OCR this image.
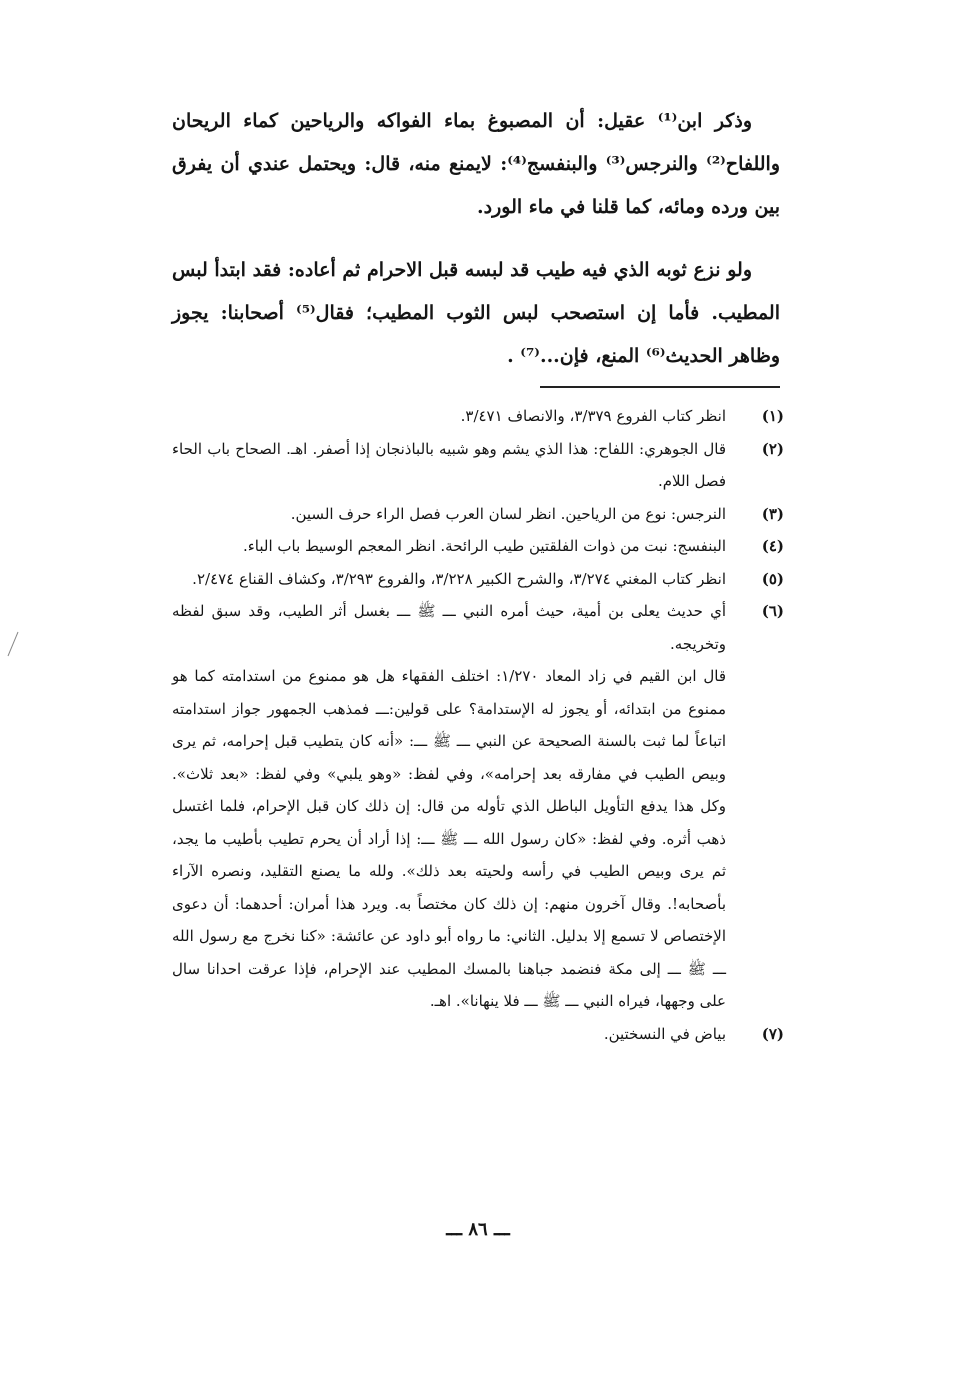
وذكر ابن⁽¹⁾ عقيل: أن المصبوغ بماء الفواكه والرياحين كماء الريحان واللفاح⁽²⁾ والنرجس⁽³⁾ والبنفسج⁽⁴⁾: لايمنع منه، قال: ويحتمل عندي أن يفرق بين ورده ومائه، كما قلنا في ماء الورد.

ولو نزع ثوبه الذي فيه طيب قد لبسه قبل الاحرام ثم أعاده: فقد ابتدأ لبس المطيب. فأما إن استصحب لبس الثوب المطيب؛ فقال⁽⁵⁾ أصحابنا: يجوز وظاهر الحديث⁽⁶⁾ المنع، فإن...⁽⁷⁾ .

(١)
انظر كتاب الفروع ٣/٣٧٩، والانصاف ٣/٤٧١.
(٢)
قال الجوهري: اللفاح: هذا الذي يشم وهو شبيه بالباذنجان إذا أصفر. اهـ. الصحاح باب الحاء فصل اللام.
(٣)
النرجس: نوع من الرياحين. انظر لسان العرب فصل الراء حرف السين.
(٤)
البنفسج: نبت من ذوات الفلقتين طيب الرائحة. انظر المعجم الوسيط باب الباء.
(٥)
انظر كتاب المغني ٣/٢٧٤، والشرح الكبير ٣/٢٢٨، والفروع ٣/٢٩٣، وكشاف القناع ٢/٤٧٤.
(٦)
أي حديث يعلى بن أمية، حيث أمره النبي ـــ ﷺ ـــ بغسل أثر الطيب، وقد سبق لفظه وتخريجه.
قال ابن القيم في زاد المعاد ١/٢٧٠: اختلف الفقهاء هل هو ممنوع من استدامته كما هو ممنوع من ابتدائه، أو يجوز له الإستدامة؟ على قولين:ـــ فمذهب الجمهور جواز استدامته اتباعاً لما ثبت بالسنة الصحيحة عن النبي ـــ ﷺ ـــ: «أنه كان يتطيب قبل إحرامه، ثم يرى وبيص الطيب في مفارقه بعد إحرامه»، وفي لفظ: «وهو يلبي» وفي لفظ: «بعد ثلاث». وكل هذا يدفع التأويل الباطل الذي تأوله من قال: إن ذلك كان قبل الإحرام، فلما اغتسل ذهب أثره. وفي لفظ: «كان رسول الله ـــ ﷺ ـــ: إذا أراد أن يحرم تطيب بأطيب ما يجد، ثم يرى وبيص الطيب في رأسه ولحيته بعد ذلك». ولله ما يصنع التقليد، ونصره الآراء بأصحابه!. وقال آخرون منهم: إن ذلك كان مختصاً به. ويرد هذا أمران: أحدهما: أن دعوى الإختصاص لا تسمع إلا بدليل. الثاني: ما رواه أبو داود عن عائشة: «كنا نخرج مع رسول الله ـــ ﷺ ـــ إلى مكة فنضمد جباهنا بالمسك المطيب عند الإحرام، فإذا عرقت احدانا سال على وجهها، فيراه النبي ـــ ﷺ ـــ فلا ينهانا». اهـ.
(٧)
بياض في النسختين.
ـــ ٨٦ ـــ
